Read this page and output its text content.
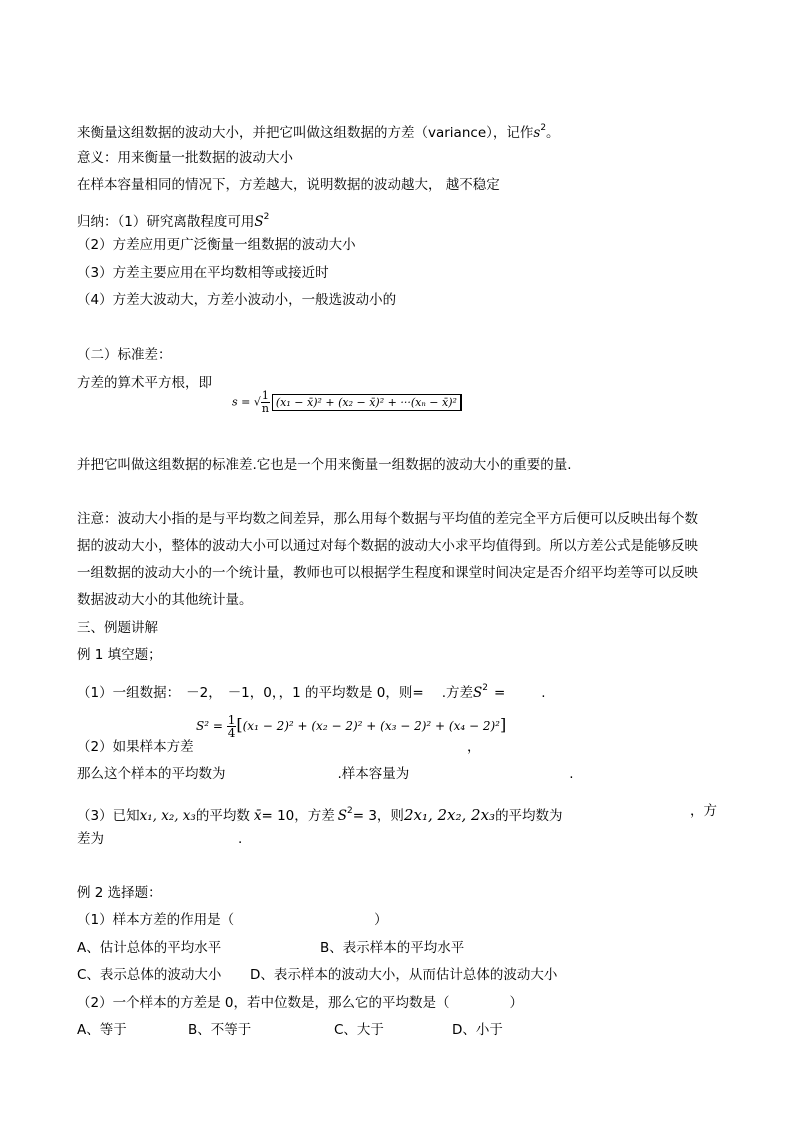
来衡量这组数据的波动大小，并把它叫做这组数据的方差（variance），记作$s^2$。
意义：用来衡量一批数据的波动大小
在样本容量相同的情况下，方差越大，说明数据的波动越大， 越不稳定
归纳：（1）研究离散程度可用$S^2$
（2）方差应用更广泛衡量一组数据的波动大小
（3）方差主要应用在平均数相等或接近时
（4）方差大波动大，方差小波动小，一般选波动小的
（二）标准差：
方差的算术平方根，即
s = √ $\frac{1}{n} (x_1$ − x̄)² + (x₂ − x̄)² + ···(xₙ − x̄)²
并把它叫做这组数据的标准差.它也是一个用来衡量一组数据的波动大小的重要的量.
注意：波动大小指的是与平均数之间差异，那么用每个数据与平均值的差完全平方后便可以反映出每个数
据的波动大小，整体的波动大小可以通过对每个数据的波动大小求平均值得到。所以方差公式是能够反映
一组数据的波动大小的一个统计量，教师也可以根据学生程度和课堂时间决定是否介绍平均差等可以反映
数据波动大小的其他统计量。
三、例题讲解
例 1 填空题；
（1）一组数据： －2， －1，0，，1 的平均数是 0，则= .方差$S^2$ =	.
$S^2 = \frac{1}{4} [(x_1 - 2)^2 + (x_2 - 2)^2 + (x_3 - 2)^2 + (x_4 - 2)^2]$
（2）如果样本方差	，
那么这个样本的平均数为	.样本容量为	.
（3）已知x₁, x₂, x₃的平均数 x̄= 10，方差 $S^2= 3$，则2x₁, 2x₂, 2x₃的平均数为	，方
差为	.
例 2 选择题：
（1）样本方差的作用是（	）
A、估计总体的平均水平	B、表示样本的平均水平
C、表示总体的波动大小 D、表示样本的波动大小，从而估计总体的波动大小
（2）一个样本的方差是 0，若中位数是，那么它的平均数是（	）
A、等于	B、不等于	C、大于	D、小于
